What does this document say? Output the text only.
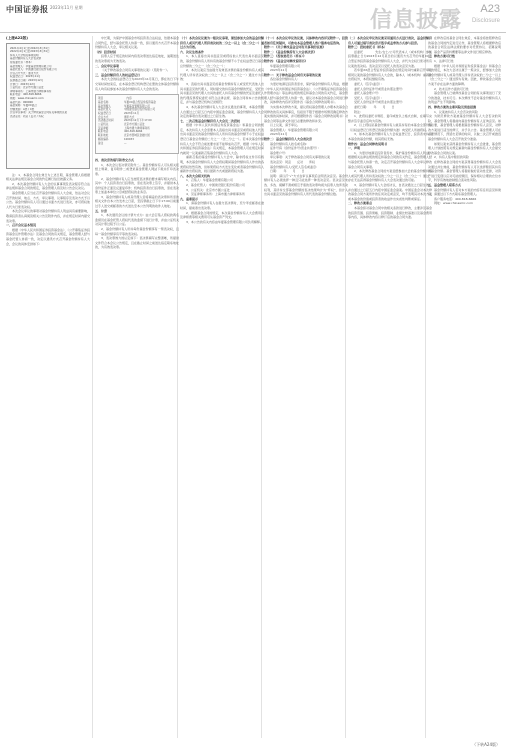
中国证券报 2023年11月 星期	信息披露 A23
Disclosure
(上接A22版)
2021年4月1日至2022年3月31日
2022年4月1日至2023年3月31日
持有人大会相关事项说明
基金份额持有人大会表决票
授权委托书（样本）
基金管理人：华夏基金管理有限公司
基金托管人：中国建设银行股份有限公司
会议召开方式：通讯方式
权益登记日：2023年11月
投票截止日期：2023年12月
计票日：2023年12月
公证机关：北京市方圆公证处
律师事务所：上海市通力律师事务所
联系电话：400-818-6666
网址：www.chinaamc.com
基金代码：000000
基金简称：华夏XX混合
份额类别：A类 / C类
会议审议事项：关于修改基金合同有关事项的议案
表决意见：同意 / 反对 / 弃权

注：1、本基金合同生效日为上述日期，基金管理人将根据相关法律法规及基金合同的约定履行信息披露义务。

2、本次基金份额持有人大会的议事事项及表决程序符合法律法规和基金合同的规定，基金管理人将及时公告会议决议。

基金管理人应当在召开基金份额持有人大会前，依法对会议召开的时间、地点、方式、审议事项、议事程序及表决方式予以公告。基金份额持有人可以通过书面方式进行表决，亦可授权他人代为行使表决权。

本次会议审议的事项对基金份额持有人利益具有重要影响，敬请投资者认真阅读相关公告及附件内容，并在规定时间内提交表决票。

一、召开会议基本情况

根据《中华人民共和国证券投资基金法》、《公开募集证券投资基金运作管理办法》及基金合同的有关规定，基金管理人经与基金托管人协商一致，决定以通讯方式召开基金份额持有人大会，会议的具体安排如下：

中长期，为保护中国基金市场投资者合法权益，依据本基金合同约定，经与基金托管人协商一致，拟以通讯方式召开本基金份额持有人大会，审议相关议案。

（四）投票时间

投票人应于规定的时间内将表决票送达指定地址，逾期送达的表决票视为无效表决。

二、会议审议事项

《关于修改基金合同有关事项的议案》（见附件一）。

三、基金份额持有人的权益登记日

本次大会的权益登记日为2023年11月某日，即在该日下午交易时间结束后，在本基金登记机构登记在册的全体基金份额持有人均有权参加本次基金份额持有人大会的表决。

项目　　　　　　　　　内容
基金名称　　　　　　华夏XX混合型证券投资基金
基金管理人　　　　　华夏基金管理有限公司
基金托管人　　　　　中国建设银行股份有限公司
权益登记日　　　　　2023年11月
会议方式　　　　　　通讯方式
表决截止时间　　　　2023年12月下午17:00
公证机关　　　　　　北京市方圆公证处
见证律师　　　　　　上海市通力律师事务所
联系电话　　　　　　400-818-6666
联系地址　　　　　　北京市西城区金融大街
邮政编码　　　　　　100033
备注　　　　　　　　—

四、表决票的填写和寄交方式

1、本次会议表决票见附件二。基金份额持有人可从相关报纸上剪裁、复印附件二或登录基金管理人网站下载并打印表决票。

2、基金份额持有人应当按照表决票的要求填写相关内容，其中：个人投资者自行投票的，需在表决票上签字，并提供本人身份证件正面及反面复印件；机构投资者自行投票的，需在表决票上加盖本单位公章或经授权的业务章。

3、基金份额持有人或其代理人需将填妥的表决票和所需的相关文件自本公告发布之日起，至投票截止日下午17:00以前通过专人送交或邮寄的方式送达至本公告列明的收件人地址。

五、计票

1、本次通讯会议的计票方式为：由大会召集人授权的两名监督员在基金托管人授权代表的监督下进行计票，并由公证机关对其计票过程予以公证。

2、基金份额持有人所持每份基金份额享有一票表决权，且每一基金份额享有平等的表决权。

3、表决票效力的认定如下：表决票填写完整清晰，所提供文件符合本会议公告规定，且在截止时间之前送达指定联系地址的，为有效表决票。

（十）本次会议议案为一般决议事项，须经参加大会的基金份额持有人或其代理人所持表决权的二分之一以上（含二分之一）通过方为有效。

六、决议生效条件

1、本人直接出具书面意见或授权他人代表出具书面意见的，基金份额持有人所持有的基金份额不小于在权益登记日基金总份额的二分之一（含二分之一）；

2、本次议案应当由提交有效表决票的基金份额持有人或其代理人所持表决权的二分之一以上（含二分之一）通过方为有效；

3、直接出具书面意见的基金份额持有人或受托代表他人出具书面意见的代理人，同时提交的持有基金份额的凭证、受托出具书面意见的代理人出具的委托人持有基金份额的凭证及委托人的代理投票授权委托书符合法律法规、基金合同和本公告的规定，并与基金登记机构记录相符；

4、本次基金份额持有人大会决议通过的事项，本基金管理人自通过之日起五日内报中国证监会备案，基金份额持有人大会决定的事项自表决通过之日起生效。

七、二次召集基金份额持有人大会及二次授权

根据《中华人民共和国证券投资基金法》和基金合同的规定，本次持有人大会需要本人直接出具书面意见或授权他人代表出具书面意见的基金份额持有人所持有的基金份额不小于在权益登记日基金总份额的二分之一（含二分之一）。若本次基金份额持有人大会不符合前述要求而不能够成功召开，根据《中华人民共和国证券投资基金法》有关规定，本基金管理人可在规定时间内就同一议案重新召集基金份额持有人大会。

重新召集的基金份额持有人大会中，除非授权文件另有载明，本次基金份额持有人大会授权期间基金份额持有人作出的各类授权依然有效，但如果授权方式发生变化或者基金份额持有人重新作出授权的，则以最新方式或最新授权为准。

八、本次大会相关机构

1、召集人：华夏基金管理有限公司

2、基金托管人：中国建设银行股份有限公司

3、公证机关：北京市方圆公证处

4、见证律师事务所：上海市通力律师事务所

九、重要提示

1、请基金份额持有人在提交表决票时，充分考虑邮寄在途时间，提前寄出表决票。

2、根据基金合同的规定，本次基金份额持有人大会费用以及律师费等相关费用可从基金资产列支。

3、本公告的有关内容由华夏基金管理有限公司负责解释。

（十一）本次会议审议的议案，具体修改内容详见附件一。投资者如有任何疑问，可致电本基金管理人客户服务电话咨询。

附件一：《关于修改基金合同有关事项的议案》

附件二：《基金份额持有人大会表决票》

附件三：《授权委托书（样本）》

附件四：《基金合同修改说明书》

华夏基金管理有限公司

2023年11月

附件一：关于修改基金合同有关事项的议案

各位基金份额持有人：

为更好地满足投资者需求，保护基金份额持有人利益，根据《中华人民共和国证券投资基金法》、《公开募集证券投资基金运作管理办法》等法律法规的规定和基金合同的有关约定，基金管理人经与基金托管人协商一致，提议对本基金的基金合同进行修改，具体修改内容详见附件四《基金合同修改说明书》。

为实施本次修改方案，提议授权基金管理人办理本次基金合同修改的有关具体事宜，包括但不限于根据市场情况确定修改方案实施的具体时间，并可根据附件四《基金合同修改说明书》对基金合同等法律文件进行必要的修改和补充。

以上议案，请予审议。

基金管理人：华夏基金管理有限公司

2023年11月

附件二：基金份额持有人大会表决票

基金份额持有人姓名或名称：

证件号码（身份证件号/营业执照号）：

基金账户号：

审议事项：关于修改基金合同有关事项的议案

表决意见：同意　　反对　　弃权

基金份额持有人/受托人签名或盖章：

日期：　　年　　月　　日

说明：请以打“√”方式在审议事项后注明表决意见。基金份额持有人必须选择一种且只能选择一种表决意见。表决意见未选、多选、模糊不清或相互矛盾的表决票均视为投票人放弃表决权利，其所持全部基金份额的表决结果均计为“弃权”，但计入出具书面意见的基金份额持有人所代表的基金份额总数。

（二）本次会议审议的议案采用通讯方式进行表决，基金份额持有人可通过填写表决票并签字或盖章的方式参与投票。

附件三：授权委托书（样本）

兹委托　　　　先生/女士/公司代表本人（或本机构）参加投票截止日为2023年12月某日的以通讯方式召开的华夏XX混合型证券投资基金基金份额持有人大会，并代为全权行使对所有议案的表决权。表决意见以受托人的表决意见为准。

若华夏XX混合型证券投资基金在规定时间内重新召开审议相同议案的基金份额持有人大会的，除本人（或本机构）重新作出授权外，本授权继续有效。

委托人（签字/盖章）：

委托人身份证件号或营业执照注册号：

委托人基金账户号：

受托人（签字/盖章）：

受托人身份证件号或营业执照注册号：

委托日期：　　年　　月　　日

附注：

1、此授权委托书剪报、复印或按以上格式自制，在填写完整并签字盖章后均为有效。

2、以上授权是基金份额持有人就其持有的本基金全部份额（以权益登记日所登记的基金份额为准）向受托人所做授权。

3、如本次基金份额持有人大会权益登记日，投资者未持有本基金的基金份额，则其授权无效。

附件四：基金合同修改说明书

一、声明

1、为更好地满足投资者需求，保护基金份额持有人利益，根据相关法律法规的规定和基金合同的有关约定，基金管理人经与基金托管人协商一致，决定召开基金份额持有人大会审议修改基金合同有关事项。

2、本次修改基金合同的方案需经参加大会的基金份额持有人或其代理人所持表决权的二分之一以上（含二分之一）通过，存在无法获得基金份额持有人大会表决通过的可能。

3、基金份额持有人大会的决议，自表决通过之日起生效，并自通过之日起五日内报中国证监会备案。中国证监会对本次修改基金合同方案所作的任何决定或意见，均不表明其对本次方案或本基金的价值或投资者的收益作出实质性判断或保证。

二、修改方案要点

本基金拟对基金合同中的相关条款进行修改，主要涉及基金的投资范围、投资策略、投资限制、业绩比较基准以及基金费用等内容，具体修改内容以修订后的基金合同为准。

在修改后的基金合同生效后，本基金将按照修改后的基金合同的约定进行运作，基金管理人将根据修改后的基金合同及法律法规的要求对托管协议、招募说明书、基金产品资料概要等法律文件进行相应修改。

三、修改方案可行性

1、法律可行性

根据《中华人民共和国证券投资基金法》和基金合同的规定，本次大会决议属于一般决议，经参加大会的基金份额持有人或其代理人所持表决权的二分之一以上（含二分之一）通过即为有效。因此，修改基金合同的方案不存在法律方面的障碍。

2、技术运作方面的可行性

基金管理人已就修改基金合同的有关事项进行了充分的准备，技术可行。本次修改不会对基金份额持有人的利益产生不利影响。

四、修改方案的主要风险及预备措施

1、议案被持有人大会否决的风险

为防范修改方案被基金份额持有人大会否决的风险，基金管理人将提前向基金份额持有人征询意见。如有必要，基金管理人将根据基金份额持有人意见，对修改方案进行适当的修订，并予以公告。基金管理人可在必要情况下，预留出足够的时间，以做二次召开或推迟基金份额持有人大会召开的充分准备。

如果议案未获得基金份额持有人大会批准，基金管理人计划按照有关规定重新向基金份额持有人大会提交修改基金合同的议案。

2、持有人集中赎回的风险

在修改基金合同的方案获得基金份额持有人大会表决通过并生效前，基金份额持有人可以选择赎回其持有的基金份额。基金管理人将提前做好流动性安排，对资产进行变现以应对可能的赎回，保持相对合理的仓位水平，科学有效地控制组合流动性风险。

五、基金管理人联系方式

基金份额持有人若对本方案的内容有任何意见和建议，请通过以下方式联系基金管理人。

客户服务电话：400-818-6666

网址：www.chinaamc.com

（下转A24版）
